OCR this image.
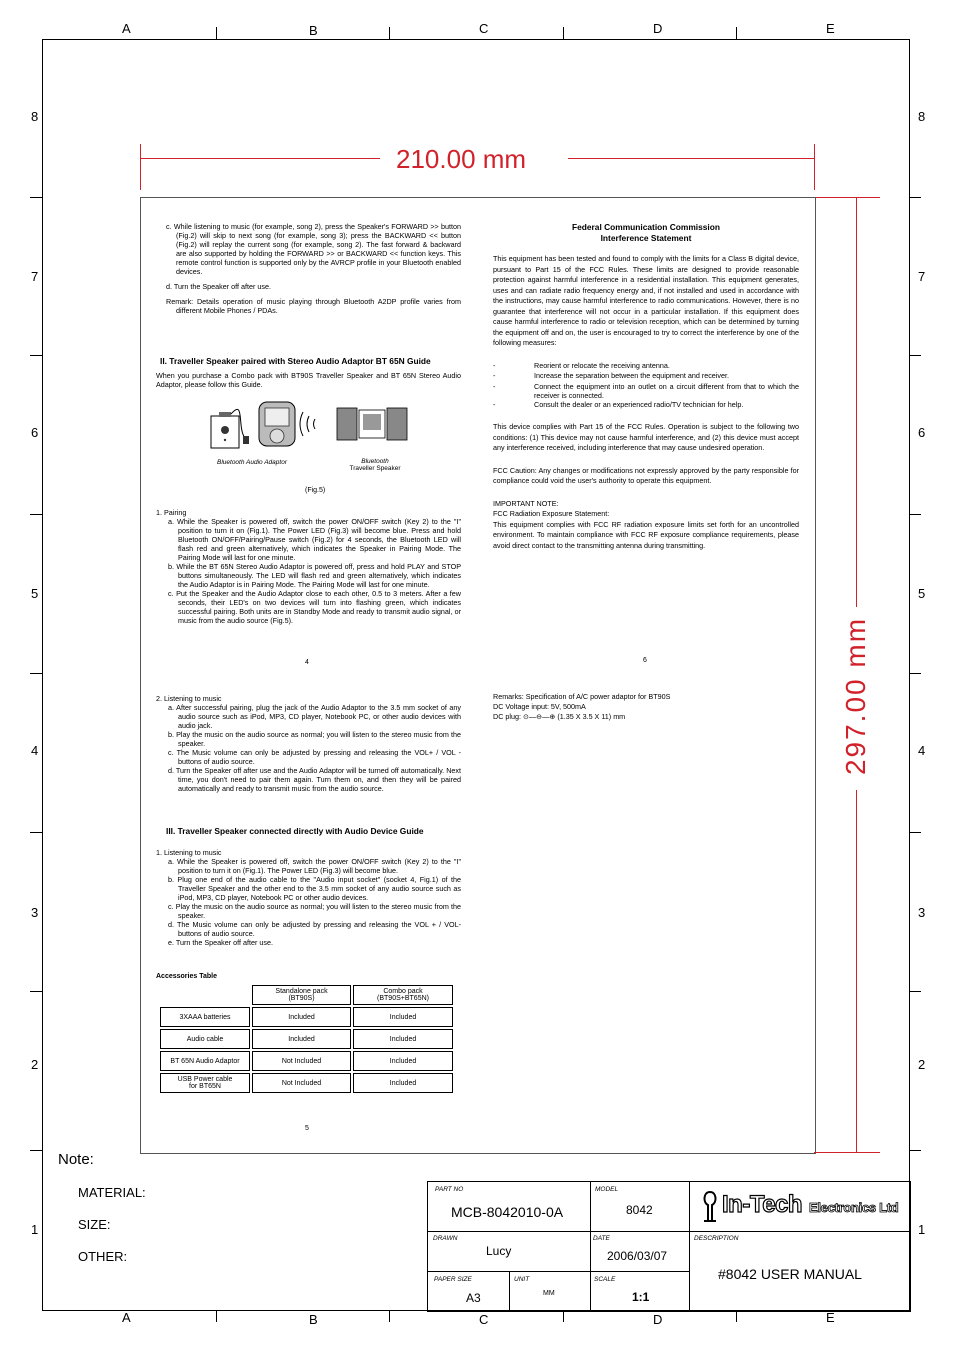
A	B	C	D	E
A	B	C	D	E
8
7
6
5
4
3
2
1
8
7
6
5
4
3
2
1
210.00 mm
297.00 mm

c. While listening to music (for example, song 2), press the Speaker's FORWARD >> button (Fig.2) will skip to next song (for example, song 3); press the BACKWARD << button (Fig.2) will replay the current song (for example, song 2). The fast forward & backward are also supported by holding the FORWARD >> or BACKWARD << function keys. This remote control function is supported only by the AVRCP profile in your Bluetooth enabled devices.

d. Turn the Speaker off after use.

Remark: Details operation of music playing through Bluetooth A2DP profile varies from different Mobile Phones / PDAs.

II. Traveller Speaker paired with Stereo Audio Adaptor BT 65N Guide
When you purchase a Combo pack with BT90S Traveller Speaker and BT 65N Stereo Audio Adaptor, please follow this Guide.
Bluetooth Audio Adaptor	Bluetooth
Traveller Speaker
(Fig.5)
1. Pairing
a. While the Speaker is powered off, switch the power ON/OFF switch (Key 2) to the "I" position to turn it on (Fig.1). The Power LED (Fig.3) will become blue. Press and hold Bluetooth ON/OFF/Pairing/Pause switch (Fig.2) for 4 seconds, the Bluetooth LED will flash red and green alternatively, which indicates the Speaker in Pairing Mode. The Pairing Mode will last for one minute.
b. While the BT 65N Stereo Audio Adaptor is powered off, press and hold PLAY and STOP buttons simultaneously. The LED will flash red and green alternatively, which indicates the Audio Adaptor is in Pairing Mode. The Pairing Mode will last for one minute.
c. Put the Speaker and the Audio Adaptor close to each other, 0.5 to 3 meters. After a few seconds, their LED's on two devices will turn into flashing green, which indicates successful pairing. Both units are in Standby Mode and ready to transmit audio signal, or music from the audio source (Fig.5).
4
2. Listening to music
a. After successful pairing, plug the jack of the Audio Adaptor to the 3.5 mm socket of any audio source such as iPod, MP3, CD player, Notebook PC, or other audio devices with audio jack.
b. Play the music on the audio source as normal; you will listen to the stereo music from the speaker.
c. The Music volume can only be adjusted by pressing and releasing the VOL+ / VOL - buttons of audio source.
d. Turn the Speaker off after use and the Audio Adaptor will be turned off automatically. Next time, you don't need to pair them again. Turn them on, and then they will be paired automatically and ready to transmit music from the audio source.
III. Traveller Speaker connected directly with Audio Device Guide
1. Listening to music
a. While the Speaker is powered off, switch the power ON/OFF switch (Key 2) to the "I" position to turn it on (Fig.1). The Power LED (Fig.3) will become blue.
b. Plug one end of the audio cable to the "Audio input socket" (socket 4, Fig.1) of the Traveller Speaker and the other end to the 3.5 mm socket of any audio source such as iPod, MP3, CD player, Notebook PC or other audio devices.
c. Play the music on the audio source as normal; you will listen to the stereo music from the speaker.
d. The Music volume can only be adjusted by pressing and releasing the VOL + / VOL- buttons of audio source.
e. Turn the Speaker off after use.
Accessories Table
	Standalone pack
(BT90S)	Combo pack
(BT90S+BT65N)
3XAAA batteries	Included	Included
Audio cable	Included	Included
BT 65N Audio Adaptor	Not Included	Included
USB Power cable
for BT65N	Not Included	Included
5
Federal Communication Commission
Interference Statement

This equipment has been tested and found to comply with the limits for a Class B digital device, pursuant to Part 15 of the FCC Rules. These limits are designed to provide reasonable protection against harmful interference in a residential installation. This equipment generates, uses and can radiate radio frequency energy and, if not installed and used in accordance with the instructions, may cause harmful interference to radio communications. However, there is no guarantee that interference will not occur in a particular installation. If this equipment does cause harmful interference to radio or television reception, which can be determined by turning the equipment off and on, the user is encouraged to try to correct the interference by one of the following measures:

-	Reorient or relocate the receiving antenna.
-	Increase the separation between the equipment and receiver.
-	Connect the equipment into an outlet on a circuit different from that to which the receiver is connected.
-	Consult the dealer or an experienced radio/TV technician for help.

This device complies with Part 15 of the FCC Rules. Operation is subject to the following two conditions: (1) This device may not cause harmful interference, and (2) this device must accept any interference received, including interference that may cause undesired operation.

FCC Caution: Any changes or modifications not expressly approved by the party responsible for compliance could void the user's authority to operate this equipment.

IMPORTANT NOTE:
FCC Radiation Exposure Statement:

This equipment complies with FCC RF radiation exposure limits set forth for an uncontrolled environment. To maintain compliance with FCC RF exposure compliance requirements, please avoid direct contact to the transmitting antenna during transmitting.

6
Remarks: Specification of A/C power adaptor for BT90S
DC Voltage input: 5V, 500mA
DC plug: ⊙—⊖—⊕ (1.35 X 3.5 X 11) mm
Note:
MATERIAL:
SIZE:
OTHER:
PART NO
MCB-8042010-0A
MODEL
8042
DRAWN
Lucy
DATE
2006/03/07
PAPER SIZE
A3
UNIT
MM
SCALE
1:1
DESCRIPTION
#8042 USER MANUAL
In-Tech Electronics Ltd
